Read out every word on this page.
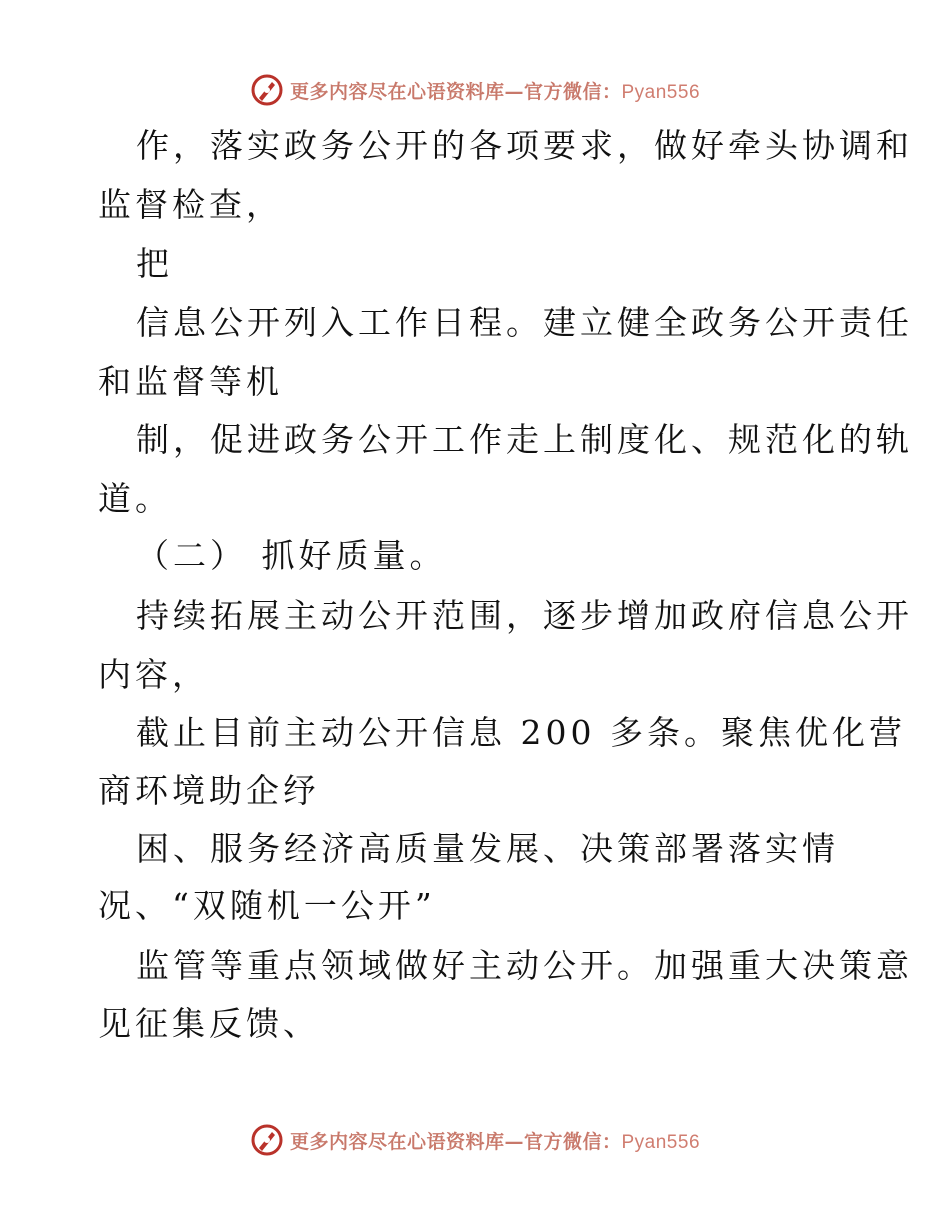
更多内容尽在心语资料库—官方微信：Pyan556
作，落实政务公开的各项要求，做好牵头协调和
监督检查，
把
信息公开列入工作日程。建立健全政务公开责任
和监督等机
制，促进政务公开工作走上制度化、规范化的轨
道。
（二） 抓好质量。
持续拓展主动公开范围，逐步增加政府信息公开
内容，
截止目前主动公开信息 200 多条。聚焦优化营
商环境助企纾
困、服务经济高质量发展、决策部署落实情
况、“双随机一公开”
监管等重点领域做好主动公开。加强重大决策意
见征集反馈、
更多内容尽在心语资料库—官方微信：Pyan556
